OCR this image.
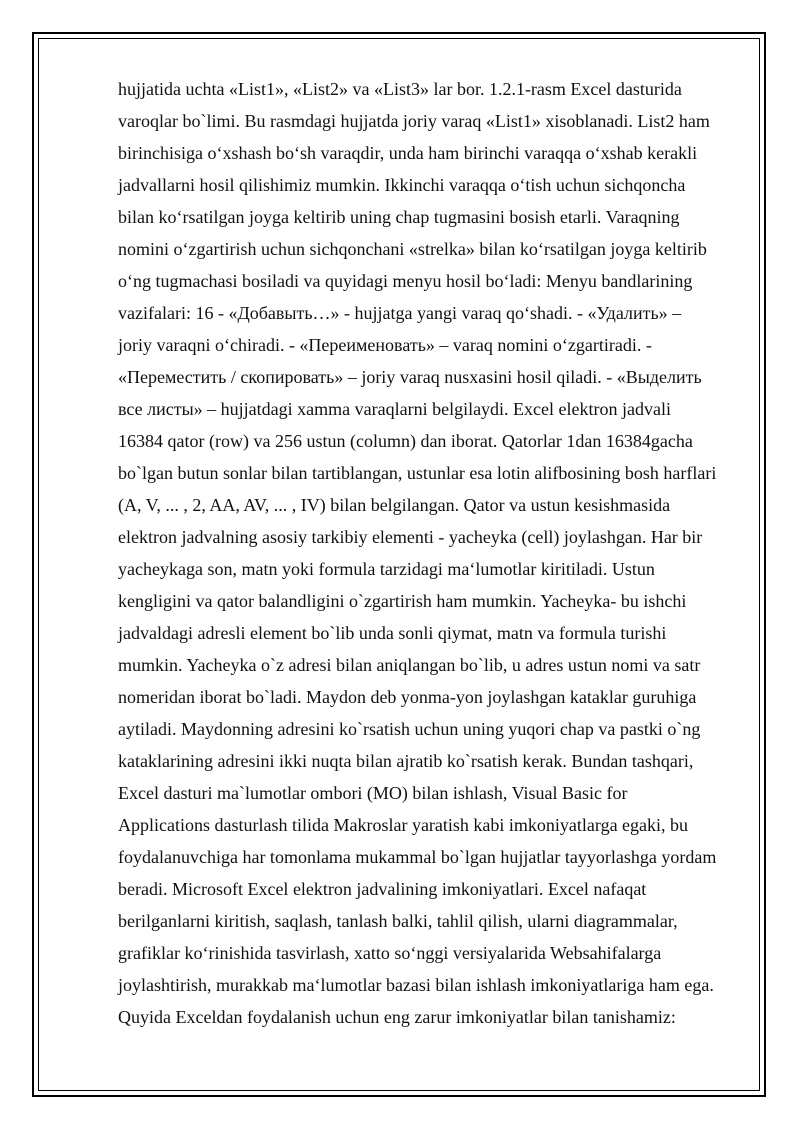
hujjatida uchta «List1», «List2» va «List3» lar bor. 1.2.1-rasm Excel dasturida
varoqlar bo`limi. Bu rasmdagi hujjatda joriy varaq «List1» xisoblanadi. List2 ham
birinchisiga o‘xshash bo‘sh varaqdir, unda ham birinchi varaqqa o‘xshab kerakli
jadvallarni hosil qilishimiz mumkin. Ikkinchi varaqqa o‘tish uchun sichqoncha
bilan ko‘rsatilgan joyga keltirib uning chap tugmasini bosish etarli. Varaqning
nomini o‘zgartirish uchun sichqonchani «strelka» bilan ko‘rsatilgan joyga keltirib
o‘ng tugmachasi bosiladi va quyidagi menyu hosil bo‘ladi: Menyu bandlarining
vazifalari: 16 - «Добавыть…» - hujjatga yangi varaq qo‘shadi. - «Удалить» –
joriy varaqni o‘chiradi. - «Переименовать» – varaq nomini o‘zgartiradi. -
«Переместить / скопировать» – joriy varaq nusxasini hosil qiladi. - «Выделить
все листы» – hujjatdagi xamma varaqlarni belgilaydi. Excel elektron jadvali
16384 qator (row) va 256 ustun (column) dan iborat. Qatorlar 1dan 16384gacha
bo`lgan butun sonlar bilan tartiblangan, ustunlar esa lotin alifbosining bosh harflari
(A, V, ... , 2, AA, AV, ... , IV) bilan belgilangan. Qator va ustun kesishmasida
elektron jadvalning asosiy tarkibiy elementi - yacheyka (cell) joylashgan. Har bir
yacheykaga son, matn yoki formula tarzidagi ma‘lumotlar kiritiladi. Ustun
kengligini va qator balandligini o`zgartirish ham mumkin. Yacheyka- bu ishchi
jadvaldagi adresli element bo`lib unda sonli qiymat, matn va formula turishi
mumkin. Yacheyka o`z adresi bilan aniqlangan bo`lib, u adres ustun nomi va satr
nomeridan iborat bo`ladi. Maydon deb yonma-yon joylashgan kataklar guruhiga
aytiladi. Maydonning adresini ko`rsatish uchun uning yuqori chap va pastki o`ng
kataklarining adresini ikki nuqta bilan ajratib ko`rsatish kerak. Bundan tashqari,
Excel dasturi ma`lumotlar ombori (MO) bilan ishlash, Visual Basic for
Applications dasturlash tilida Makroslar yaratish kabi imkoniyatlarga egaki, bu
foydalanuvchiga har tomonlama mukammal bo`lgan hujjatlar tayyorlashga yordam
beradi. Microsoft Excel elektron jadvalining imkoniyatlari. Excel nafaqat
berilganlarni kiritish, saqlash, tanlash balki, tahlil qilish, ularni diagrammalar,
grafiklar ko‘rinishida tasvirlash, xatto so‘nggi versiyalarida Websahifalarga
joylashtirish, murakkab ma‘lumotlar bazasi bilan ishlash imkoniyatlariga ham ega.
Quyida Exceldan foydalanish uchun eng zarur imkoniyatlar bilan tanishamiz:
